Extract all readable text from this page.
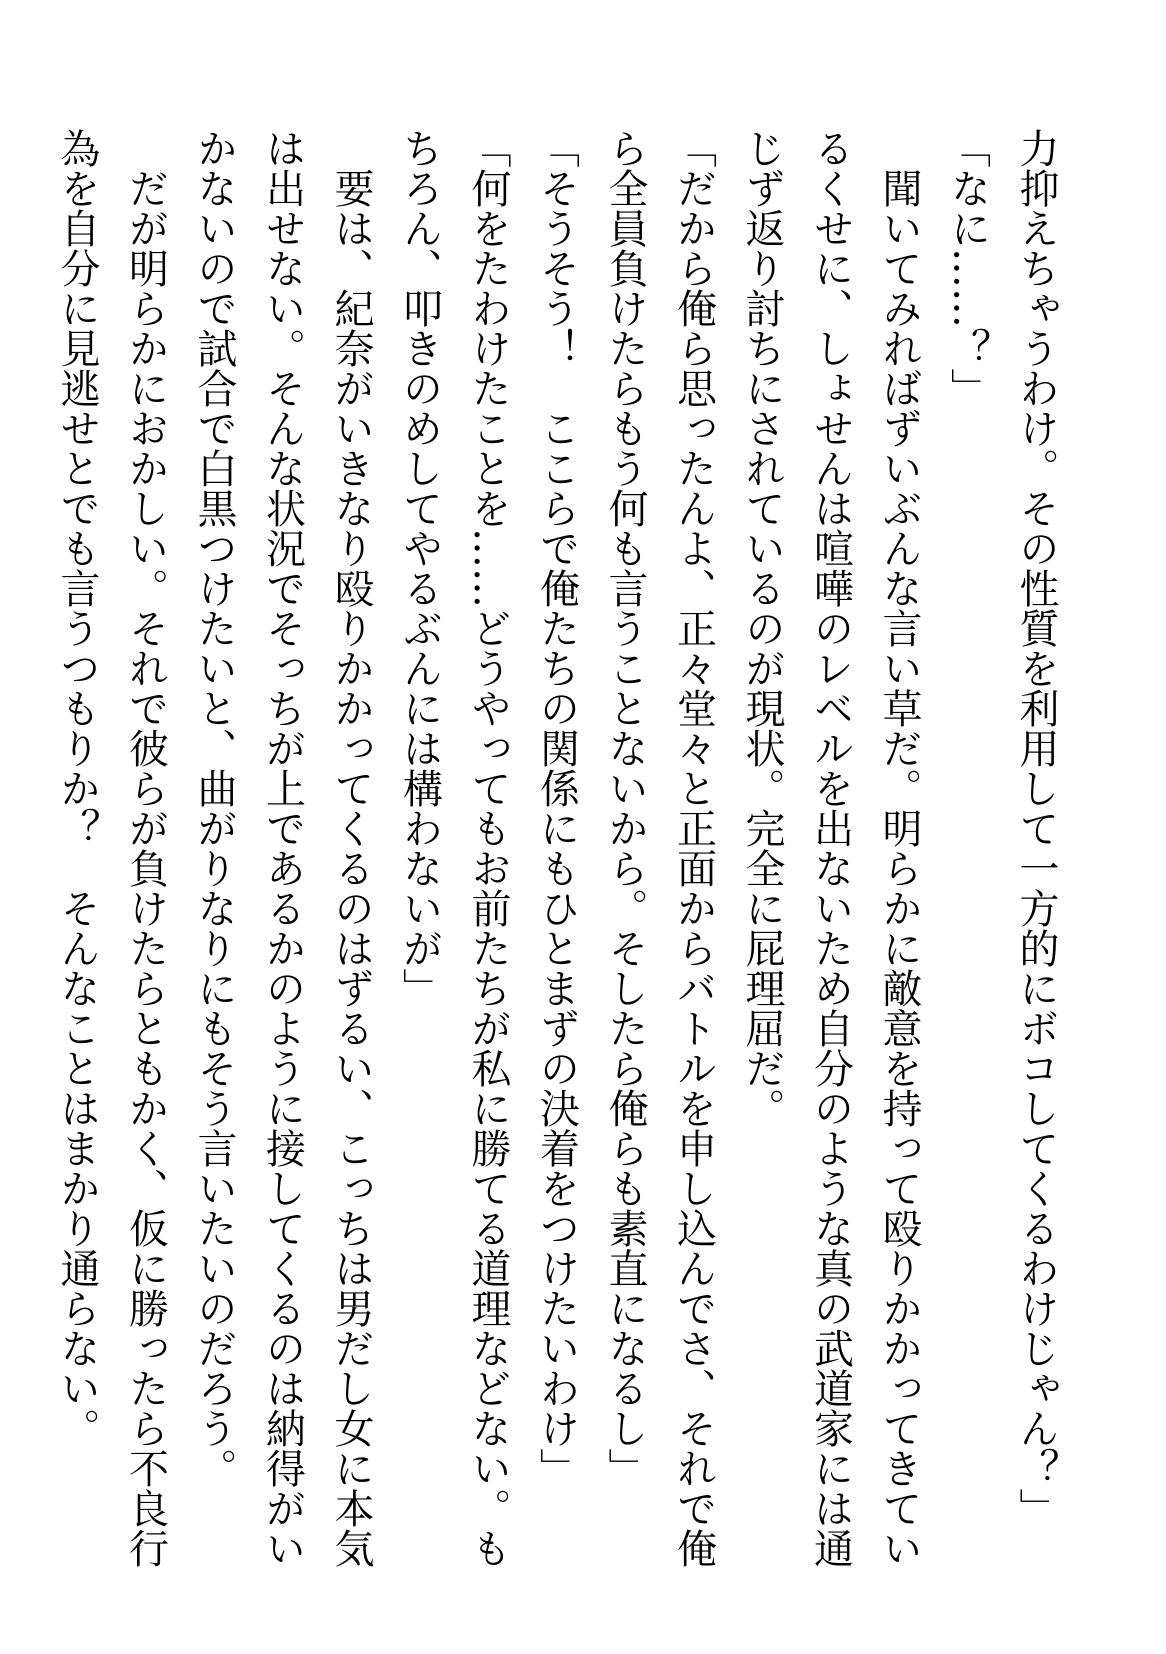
力抑えちゃうわけ。その性質を利用して一方的にボコしてくるわけじゃん？」
「なに……？」
　聞いてみればずいぶんな言い草だ。明らかに敵意を持って殴りかかってきてい
るくせに、しょせんは喧嘩のレベルを出ないため自分のような真の武道家には通
じず返り討ちにされているのが現状。完全に屁理屈だ。
「だから俺ら思ったんよ、正々堂々と正面からバトルを申し込んでさ、それで俺
ら全員負けたらもう何も言うことないから。そしたら俺らも素直になるし」
「そうそう！　ここらで俺たちの関係にもひとまずの決着をつけたいわけ」
「何をたわけたことを……どうやってもお前たちが私に勝てる道理などない。も
ちろん、叩きのめしてやるぶんには構わないが」
　要は、紀奈がいきなり殴りかかってくるのはずるい、こっちは男だし女に本気
は出せない。そんな状況でそっちが上であるかのように接してくるのは納得がい
かないので試合で白黒つけたいと、曲がりなりにもそう言いたいのだろう。
　だが明らかにおかしい。それで彼らが負けたらともかく、仮に勝ったら不良行
為を自分に見逃せとでも言うつもりか？　そんなことはまかり通らない。
